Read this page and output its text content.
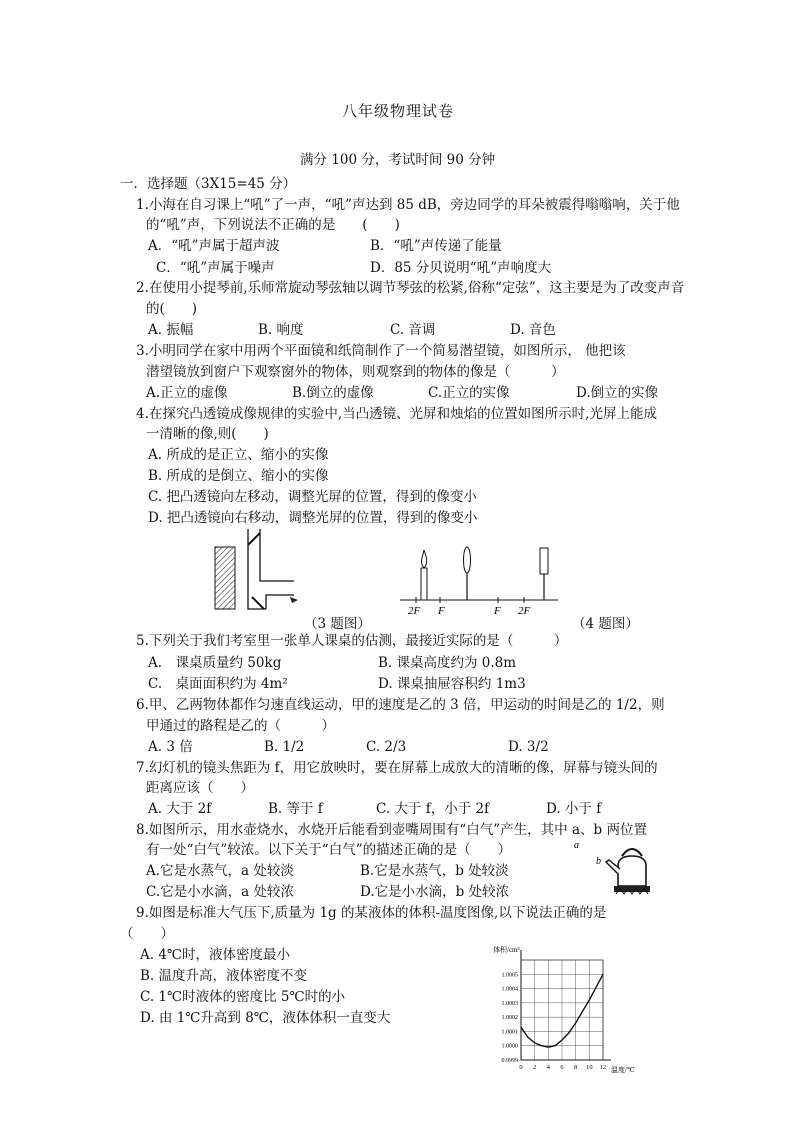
八年级物理试卷
满分 100 分，考试时间 90 分钟
一．选择题（3X15=45 分）
1.小海在自习课上“吼”了一声，“吼”声达到 85 dB，旁边同学的耳朵被震得嗡嗡响，关于他
的“吼”声，下列说法不正确的是　　(　　)
A．“吼”声属于超声波	B．“吼”声传递了能量
C．“吼”声属于噪声	D．85 分贝说明“吼”声响度大
2.在使用小提琴前,乐师常旋动琴弦轴以调节琴弦的松紧,俗称“定弦”，这主要是为了改变声音
的(　　)
A. 振幅	B. 响度	C. 音调	D. 音色
3.小明同学在家中用两个平面镜和纸筒制作了一个简易潜望镜，如图所示， 他把该
潜望镜放到窗户下观察窗外的物体，则观察到的物体的像是（　　　）
A.正立的虚像	B.倒立的虚像	C.正立的实像	D.倒立的实像
4.在探究凸透镜成像规律的实验中,当凸透镜、光屏和烛焰的位置如图所示时,光屏上能成
一清晰的像,则(　　)
A. 所成的是正立、缩小的实像
B. 所成的是倒立、缩小的实像
C. 把凸透镜向左移动，调整光屏的位置，得到的像变小
D. 把凸透镜向右移动，调整光屏的位置，得到的像变小
（3 题图）
2F F	F 2F
（4 题图）
5.下列关于我们考室里一张单人课桌的估测，最接近实际的是（　　　）
A.　课桌质量约 50kg	B. 课桌高度约为 0.8m
C.　桌面面积约为 4m²	D. 课桌抽屉容积约 1m3
6.甲、乙两物体都作匀速直线运动，甲的速度是乙的 3 倍，甲运动的时间是乙的 1/2，则
甲通过的路程是乙的（　　　）
A. 3 倍	B. 1/2	C. 2/3	D. 3/2
7.幻灯机的镜头焦距为 f，用它放映时，要在屏幕上成放大的清晰的像，屏幕与镜头间的
距离应该（　　）
A. 大于 2f	B. 等于 f	C. 大于 f，小于 2f	D. 小于 f
8.如图所示，用水壶烧水，水烧开后能看到壶嘴周围有“白气”产生，其中 a、b 两位置
有一处“白气”较浓。以下关于“白气”的描述正确的是（　　）
A.它是水蒸气，a 处较淡	B.它是水蒸气，b 处较淡
C.它是小水滴，a 处较浓	D.它是小水滴，b 处较浓
a
b
9.如图是标准大气压下,质量为 1g 的某液体的体积-温度图像,以下说法正确的是
（　　）
A. 4℃时，液体密度最小
B. 温度升高，液体密度不变
C. 1℃时液体的密度比 5℃时的小
D. 由 1℃升高到 8℃，液体体积一直变大
体积/cm³
温度/℃
0 2 4 6 8 10 12
0.9999
1.0000
1.0001
1.0002
1.0003
1.0004
1.0005
